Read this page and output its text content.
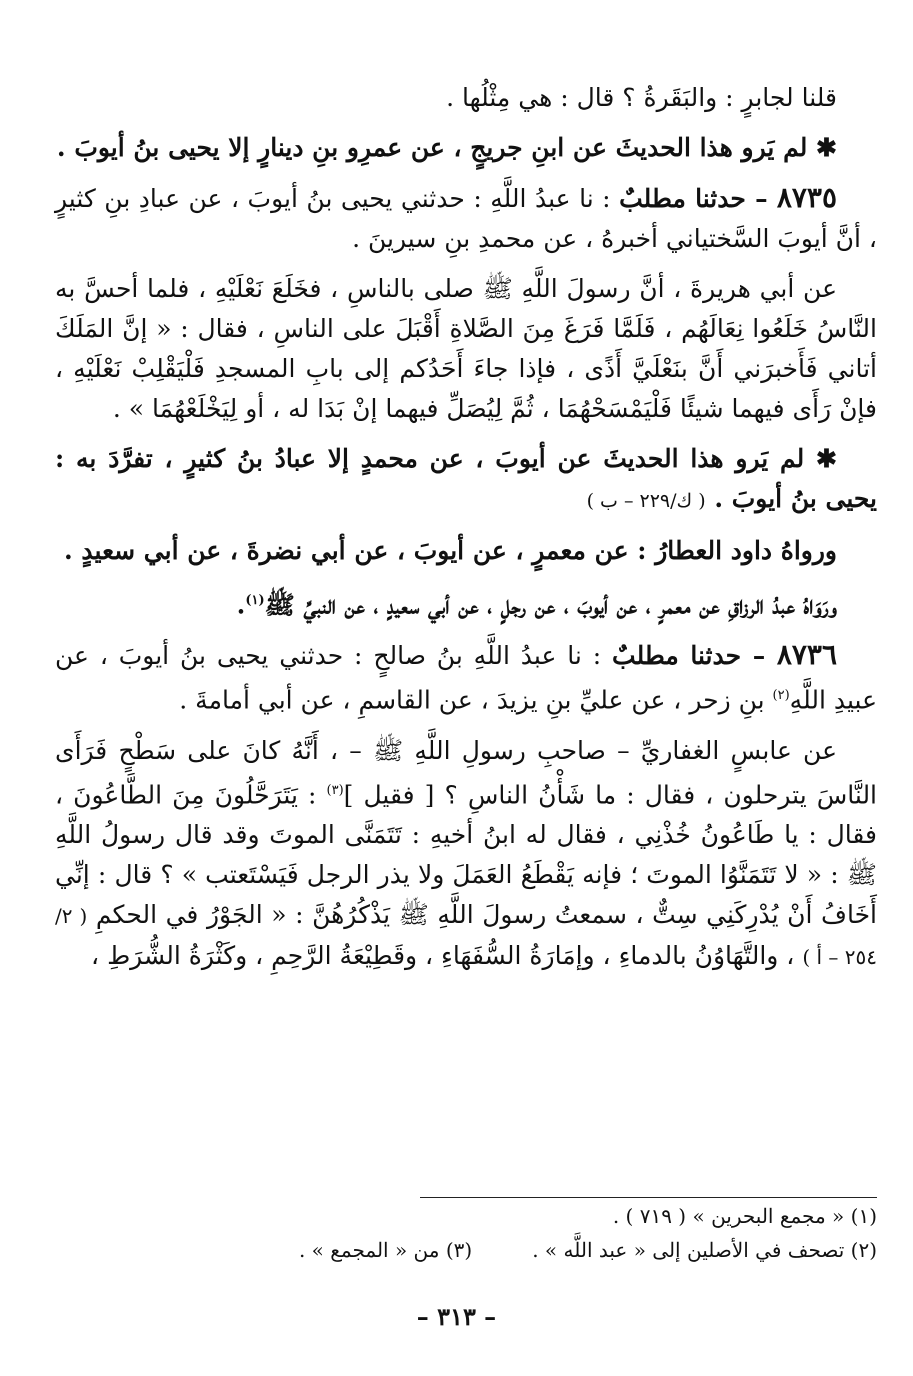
قلنا لجابرٍ : والبَقَرةُ ؟ قال : هي مِثْلُها .

✱ لم يَرو هذا الحديثَ عن ابنِ جريجٍ ، عن عمرِو بنِ دينارٍ إلا يحيى بنُ أيوبَ .

٨٧٣٥ – حدثنا مطلبٌ : نا عبدُ اللَّهِ : حدثني يحيى بنُ أيوبَ ، عن عبادِ بنِ كثيرٍ ، أنَّ أيوبَ السَّختياني أخبرهُ ، عن محمدِ بنِ سيرينَ .

عن أبي هريرةَ ، أنَّ رسولَ اللَّهِ ﷺ صلى بالناسِ ، فخَلَعَ نَعْلَيْهِ ، فلما أحسَّ به النَّاسُ خَلَعُوا نِعَالَهُم ، فَلَمَّا فَرَغَ مِنَ الصَّلاةِ أَقْبَلَ على الناسِ ، فقال : « إنَّ المَلَكَ أتاني فَأَخبرَني أَنَّ بنَعْلَيَّ أَذًى ، فإذا جاءَ أَحَدُكم إلى بابِ المسجدِ فَلْيَقْلِبْ نَعْلَيْهِ ، فإنْ رَأَى فيهما شيئًا فَلْيَمْسَحْهُمَا ، ثُمَّ لِيُصَلِّ فيهما إنْ بَدَا له ، أو لِيَخْلَعْهُمَا » .

✱ لم يَرو هذا الحديثَ عن أيوبَ ، عن محمدٍ إلا عبادُ بنُ كثيرٍ ، تفرَّدَ به : يحيى بنُ أيوبَ . ( ك/٢٢٩ – ب )

ورواهُ داود العطارُ : عن معمرٍ ، عن أيوبَ ، عن أبي نضرةَ ، عن أبي سعيدٍ .

ورَوَاهُ عبدُ الرزاقِ عن معمرٍ ، عن أيوبَ ، عن رجلٍ ، عن أبي سعيدٍ ، عن النبيِّ ﷺ$^{(١)}$.

٨٧٣٦ – حدثنا مطلبٌ : نا عبدُ اللَّهِ بنُ صالحٍ : حدثني يحيى بنُ أيوبَ ، عن عبيدِ اللَّهِ$^{(٢)}$ بنِ زحر ، عن عليِّ بنِ يزيدَ ، عن القاسمِ ، عن أبي أمامةَ .

عن عابسٍ الغفاريِّ – صاحبِ رسولِ اللَّهِ ﷺ – ، أَنَّهُ كانَ على سَطْحٍ فَرَأَى النَّاسَ يترحلون ، فقال : ما شَأْنُ الناسِ ؟ [ فقيل ]$^{(٣)}$ : يَتَرَحَّلُونَ مِنَ الطَّاعُونَ ، فقال : يا طَاعُونُ خُذْنِي ، فقال له ابنُ أخيهِ : تَتَمَنَّى الموتَ وقد قال رسولُ اللَّهِ ﷺ : « لا تَتَمَنَّوُا الموتَ ؛ فإنه يَقْطَعُ العَمَلَ ولا يذر الرجل فَيَسْتَعتب » ؟ قال : إنِّي أَخَافُ أَنْ يُدْرِكَنِي سِتٌّ ، سمعتُ رسولَ اللَّهِ ﷺ يَذْكُرُهُنَّ : « الجَوْرُ في الحكمِ ( ٢/ ٢٥٤ – أ ) ، والتَّهَاوُنُ بالدماءِ ، وإمَارَةُ السُّفَهَاءِ ، وقَطِيْعَةُ الرَّحِمِ ، وكَثْرَةُ الشُّرَطِ ،

(١) « مجمع البحرين » ( ٧١٩ ) .
(٢) تصحف في الأصلين إلى « عبد اللَّه » .(٣) من « المجمع » .
– ٣١٣ –
